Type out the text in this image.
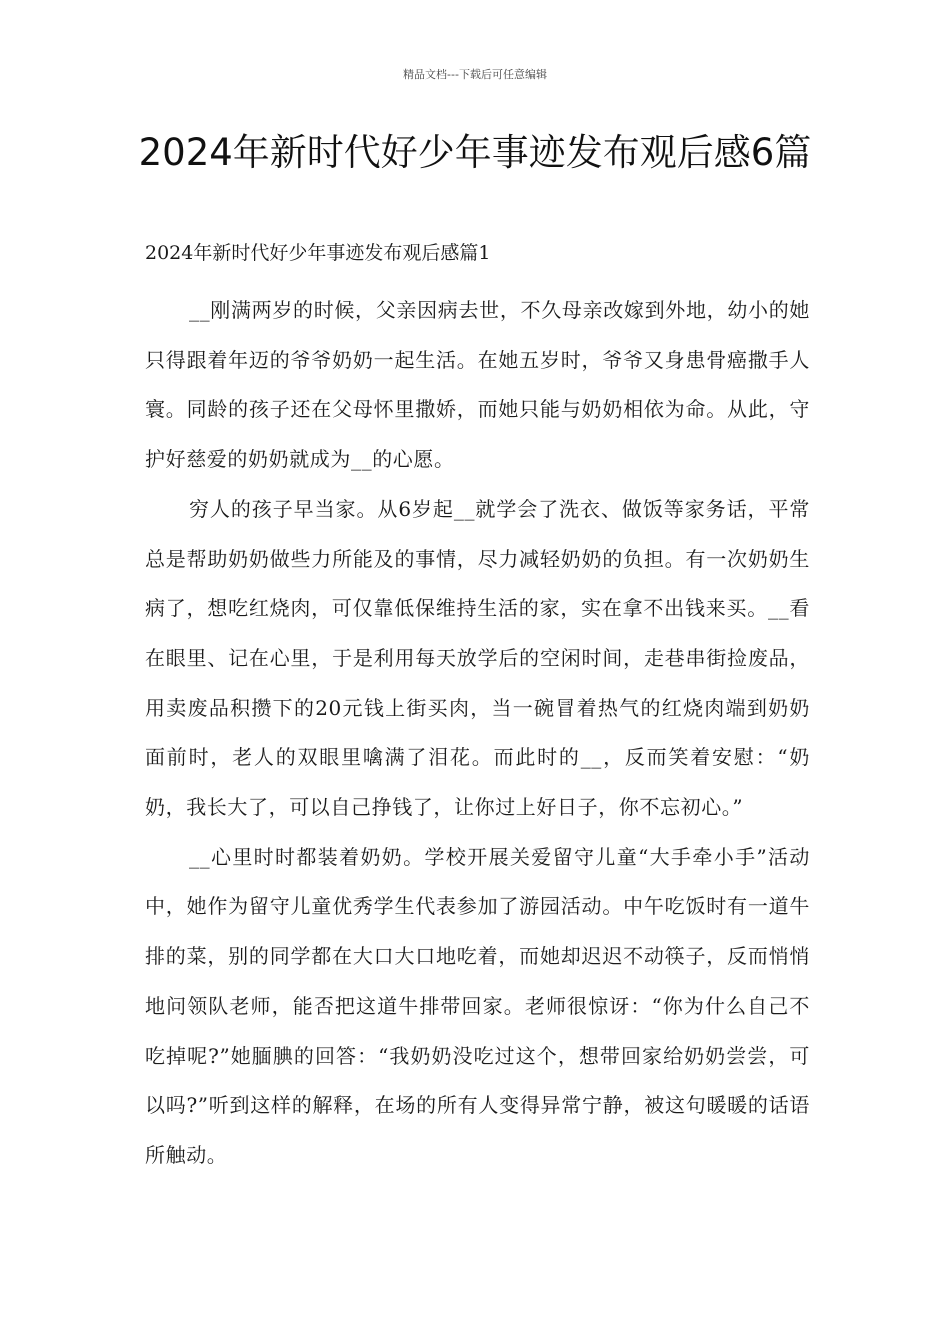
精品文档---下载后可任意编辑
2024年新时代好少年事迹发布观后感6篇
2024年新时代好少年事迹发布观后感篇1

__刚满两岁的时候，父亲因病去世，不久母亲改嫁到外地，幼小的她只得跟着年迈的爷爷奶奶一起生活。在她五岁时，爷爷又身患骨癌撒手人寰。同龄的孩子还在父母怀里撒娇，而她只能与奶奶相依为命。从此，守护好慈爱的奶奶就成为__的心愿。

穷人的孩子早当家。从6岁起__就学会了洗衣、做饭等家务话，平常总是帮助奶奶做些力所能及的事情，尽力减轻奶奶的负担。有一次奶奶生病了，想吃红烧肉，可仅靠低保维持生活的家，实在拿不出钱来买。__看在眼里、记在心里，于是利用每天放学后的空闲时间，走巷串街捡废品，用卖废品积攒下的20元钱上街买肉，当一碗冒着热气的红烧肉端到奶奶面前时，老人的双眼里噙满了泪花。而此时的__，反而笑着安慰：“奶奶，我长大了，可以自己挣钱了，让你过上好日子，你不忘初心。”

__心里时时都装着奶奶。学校开展关爱留守儿童“大手牵小手”活动中，她作为留守儿童优秀学生代表参加了游园活动。中午吃饭时有一道牛排的菜，别的同学都在大口大口地吃着，而她却迟迟不动筷子，反而悄悄地问领队老师，能否把这道牛排带回家。老师很惊讶：“你为什么自己不吃掉呢?”她腼腆的回答：“我奶奶没吃过这个，想带回家给奶奶尝尝，可以吗?”听到这样的解释，在场的所有人变得异常宁静，被这句暖暖的话语所触动。
